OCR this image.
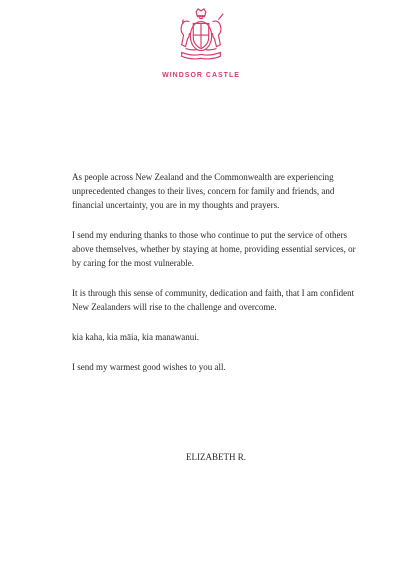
WINDSOR CASTLE

As people across New Zealand and the Commonwealth are experiencing unprecedented changes to their lives, concern for family and friends, and financial uncertainty, you are in my thoughts and prayers.

I send my enduring thanks to those who continue to put the service of others above themselves, whether by staying at home, providing essential services, or by caring for the most vulnerable.

It is through this sense of community, dedication and faith, that I am confident New Zealanders will rise to the challenge and overcome.

kia kaha, kia māia, kia manawanui.

I send my warmest good wishes to you all.

ELIZABETH R.
